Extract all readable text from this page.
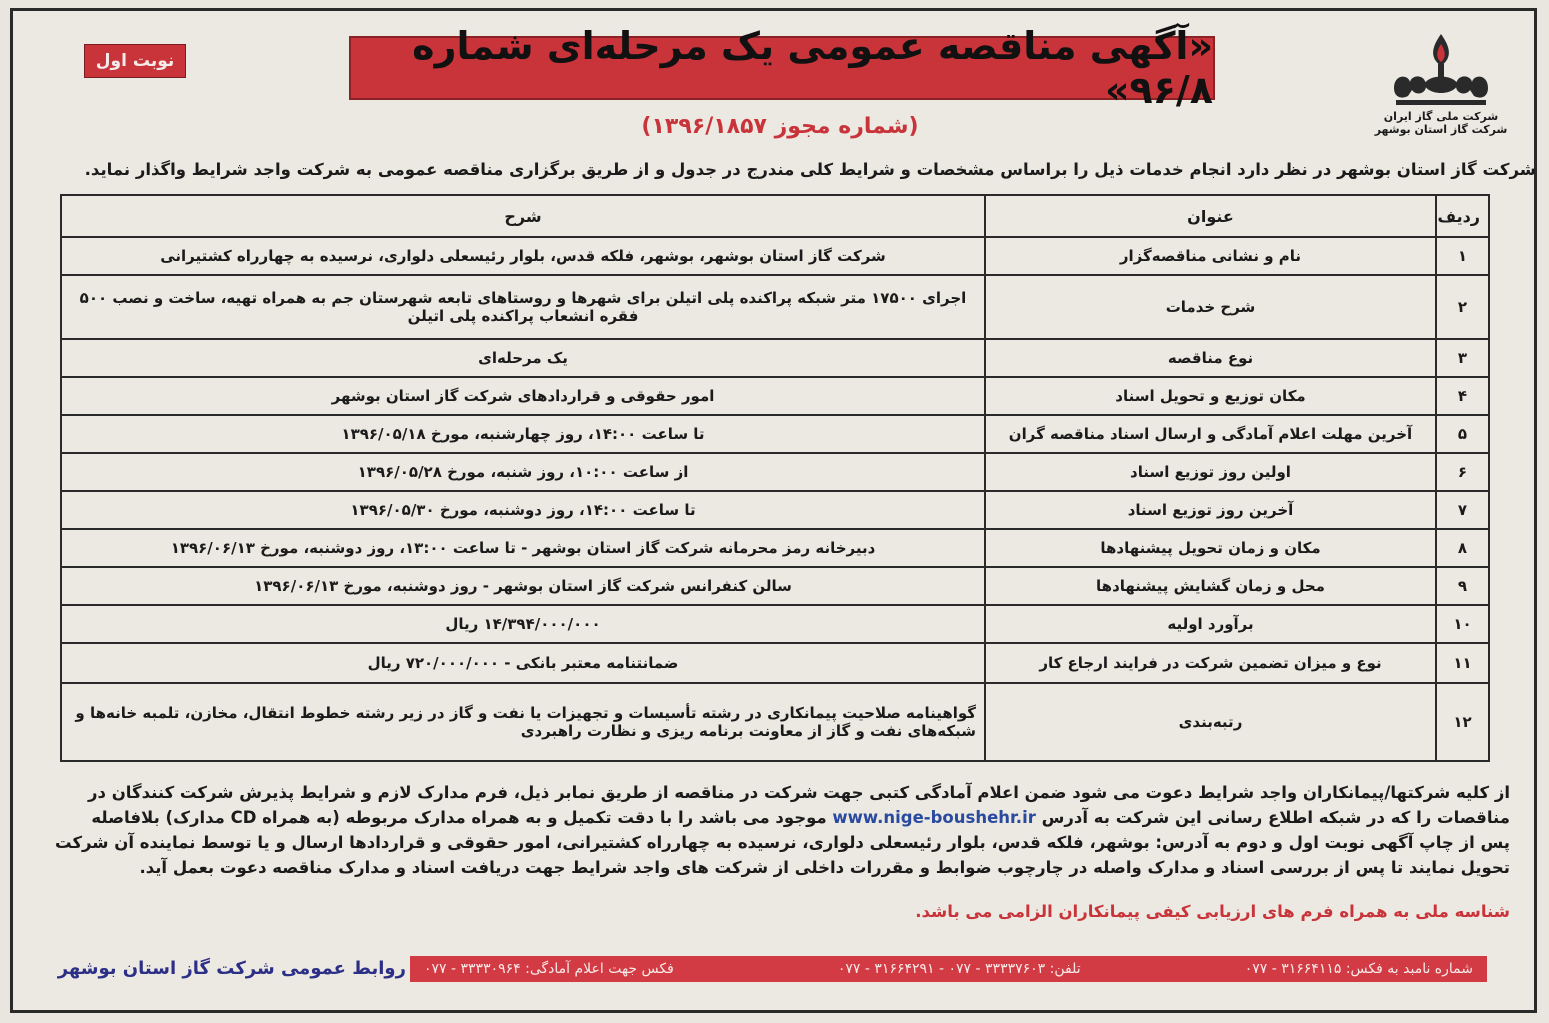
شرکت ملی گاز ایران
شرکت گاز استان بوشهر
«آگهی مناقصه عمومی یک مرحله‌ای شماره ۹۶/۸»
(شماره مجوز ۱۳۹۶/۱۸۵۷)
نوبت اول
شرکت گاز استان بوشهر در نظر دارد انجام خدمات ذیل را براساس مشخصات و شرایط کلی مندرج در جدول و از طریق برگزاری مناقصه عمومی به شرکت واجد شرایط واگذار نماید.
ردیف	عنوان	شرح
۱	نام و نشانی مناقصه‌گزار	شرکت گاز استان بوشهر، بوشهر، فلکه قدس، بلوار رئیسعلی دلواری، نرسیده به چهارراه کشتیرانی
۲	شرح خدمات	اجرای ۱۷۵۰۰ متر شبکه پراکنده پلی اتیلن برای شهرها و روستاهای تابعه شهرستان جم به همراه تهیه، ساخت و نصب ۵۰۰ فقره انشعاب پراکنده پلی اتیلن
۳	نوع مناقصه	یک مرحله‌ای
۴	مکان توزیع و تحویل اسناد	امور حقوقی و قراردادهای شرکت گاز استان بوشهر
۵	آخرین مهلت اعلام آمادگی و ارسال اسناد مناقصه گران	تا ساعت ۱۴:۰۰، روز چهارشنبه، مورخ ۱۳۹۶/۰۵/۱۸
۶	اولین روز توزیع اسناد	از ساعت ۱۰:۰۰، روز شنبه، مورخ ۱۳۹۶/۰۵/۲۸
۷	آخرین روز توزیع اسناد	تا ساعت ۱۴:۰۰، روز دوشنبه، مورخ ۱۳۹۶/۰۵/۳۰
۸	مکان و زمان تحویل پیشنهادها	دبیرخانه رمز محرمانه شرکت گاز استان بوشهر - تا ساعت ۱۳:۰۰، روز دوشنبه، مورخ ۱۳۹۶/۰۶/۱۳
۹	محل و زمان گشایش پیشنهادها	سالن کنفرانس شرکت گاز استان بوشهر - روز دوشنبه، مورخ ۱۳۹۶/۰۶/۱۳
۱۰	برآورد اولیه	۱۴/۳۹۴/۰۰۰/۰۰۰ ریال
۱۱	نوع و میزان تضمین شرکت در فرایند ارجاع کار	ضمانتنامه معتبر بانکی - ۷۲۰/۰۰۰/۰۰۰ ریال
۱۲	رتبه‌بندی	گواهینامه صلاحیت پیمانکاری در رشته تأسیسات و تجهیزات یا نفت و گاز در زیر رشته خطوط انتقال، مخازن، تلمبه خانه‌ها و شبکه‌های نفت و گاز از معاونت برنامه ریزی و نظارت راهبردی

از کلیه شرکتها/پیمانکاران واجد شرایط دعوت می شود ضمن اعلام آمادگی کتبی جهت شرکت در مناقصه از طریق نمابر ذیل، فرم مدارک لازم و شرایط پذیرش شرکت کنندگان در

مناقصات را که در شبکه اطلاع رسانی این شرکت به آدرس www.nige-boushehr.ir موجود می باشد را با دقت تکمیل و به همراه مدارک مربوطه (به همراه CD مدارک) بلافاصله

پس از چاپ آگهی نوبت اول و دوم به آدرس: بوشهر، فلکه قدس، بلوار رئیسعلی دلواری، نرسیده به چهارراه کشتیرانی، امور حقوقی و قراردادها ارسال و یا توسط نماینده آن شرکت

تحویل نمایند تا پس از بررسی اسناد و مدارک واصله در چارچوب ضوابط و مقررات داخلی از شرکت های واجد شرایط جهت دریافت اسناد و مدارک مناقصه دعوت بعمل آید.

شناسه ملی به همراه فرم های ارزیابی کیفی پیمانکاران الزامی می باشد.
شماره نامبد به فکس: ۳۱۶۶۴۱۱۵ - ۰۷۷
تلفن: ۳۳۳۳۷۶۰۳ - ۰۷۷ - ۳۱۶۶۴۲۹۱ - ۰۷۷
فکس جهت اعلام آمادگی: ۳۳۳۳۰۹۶۴ - ۰۷۷
روابط عمومی شرکت گاز استان بوشهر
